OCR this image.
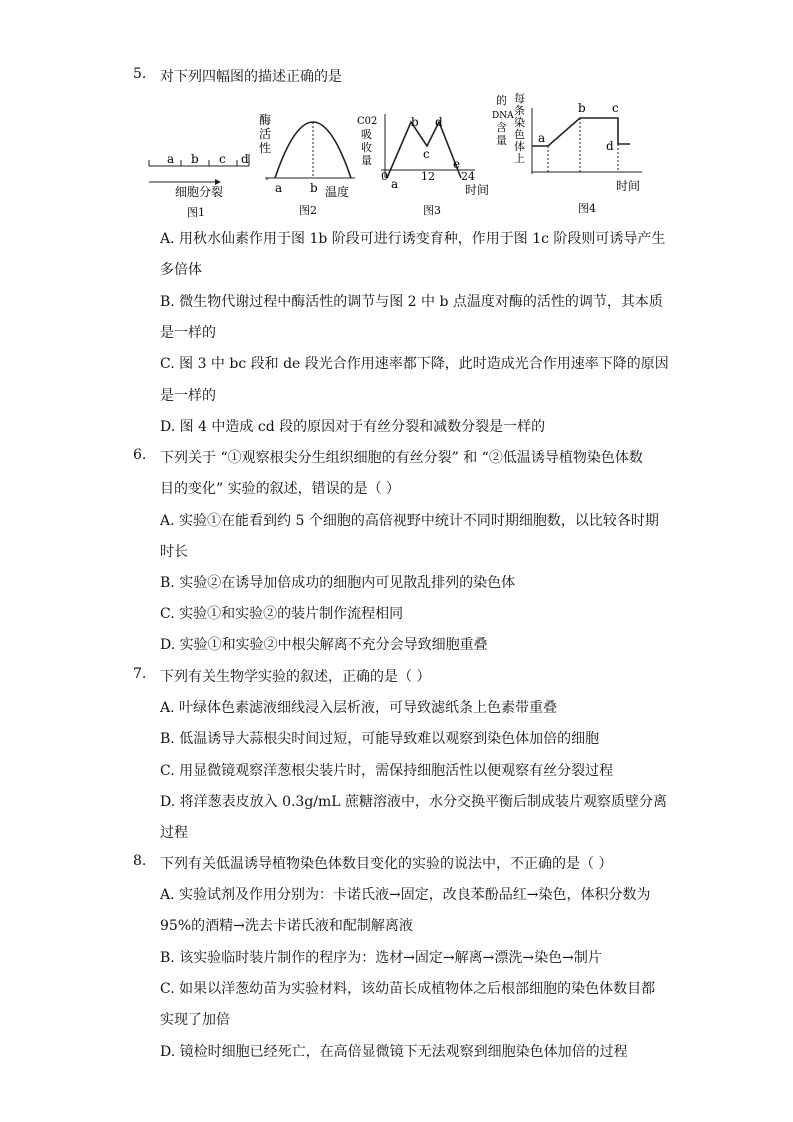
5. 对下列四幅图的描述正确的是
a b c d
细胞分裂
图1
酶
活
性
a b 温度
图2
C02
吸
收
量
0
a
b
c
d
e
12 24
时间
图3
的
DNA
含
量
每
条
染
色
体
上
a
b c
d
时间
图4
A. 用秋水仙素作用于图 1b 阶段可进行诱变育种，作用于图 1c 阶段则可诱导产生
多倍体
B. 微生物代谢过程中酶活性的调节与图 2 中 b 点温度对酶的活性的调节，其本质
是一样的
C. 图 3 中 bc 段和 de 段光合作用速率都下降，此时造成光合作用速率下降的原因
是一样的
D. 图 4 中造成 cd 段的原因对于有丝分裂和减数分裂是一样的
6. 下列关于 “①观察根尖分生组织细胞的有丝分裂” 和 “②低温诱导植物染色体数
目的变化” 实验的叙述，错误的是（ ）
A. 实验①在能看到约 5 个细胞的高倍视野中统计不同时期细胞数，以比较各时期
时长
B. 实验②在诱导加倍成功的细胞内可见散乱排列的染色体
C. 实验①和实验②的装片制作流程相同
D. 实验①和实验②中根尖解离不充分会导致细胞重叠
7. 下列有关生物学实验的叙述，正确的是（ ）
A. 叶绿体色素滤液细线浸入层析液，可导致滤纸条上色素带重叠
B. 低温诱导大蒜根尖时间过短，可能导致难以观察到染色体加倍的细胞
C. 用显微镜观察洋葱根尖装片时，需保持细胞活性以便观察有丝分裂过程
D. 将洋葱表皮放入 0.3g/mL 蔗糖溶液中，水分交换平衡后制成装片观察质壁分离
过程
8. 下列有关低温诱导植物染色体数目变化的实验的说法中，不正确的是（ ）
A. 实验试剂及作用分别为：卡诺氏液→固定，改良苯酚品红→染色，体积分数为
95%的酒精→洗去卡诺氏液和配制解离液
B. 该实验临时装片制作的程序为：选材→固定→解离→漂洗→染色→制片
C. 如果以洋葱幼苗为实验材料，该幼苗长成植物体之后根部细胞的染色体数目都
实现了加倍
D. 镜检时细胞已经死亡，在高倍显微镜下无法观察到细胞染色体加倍的过程
